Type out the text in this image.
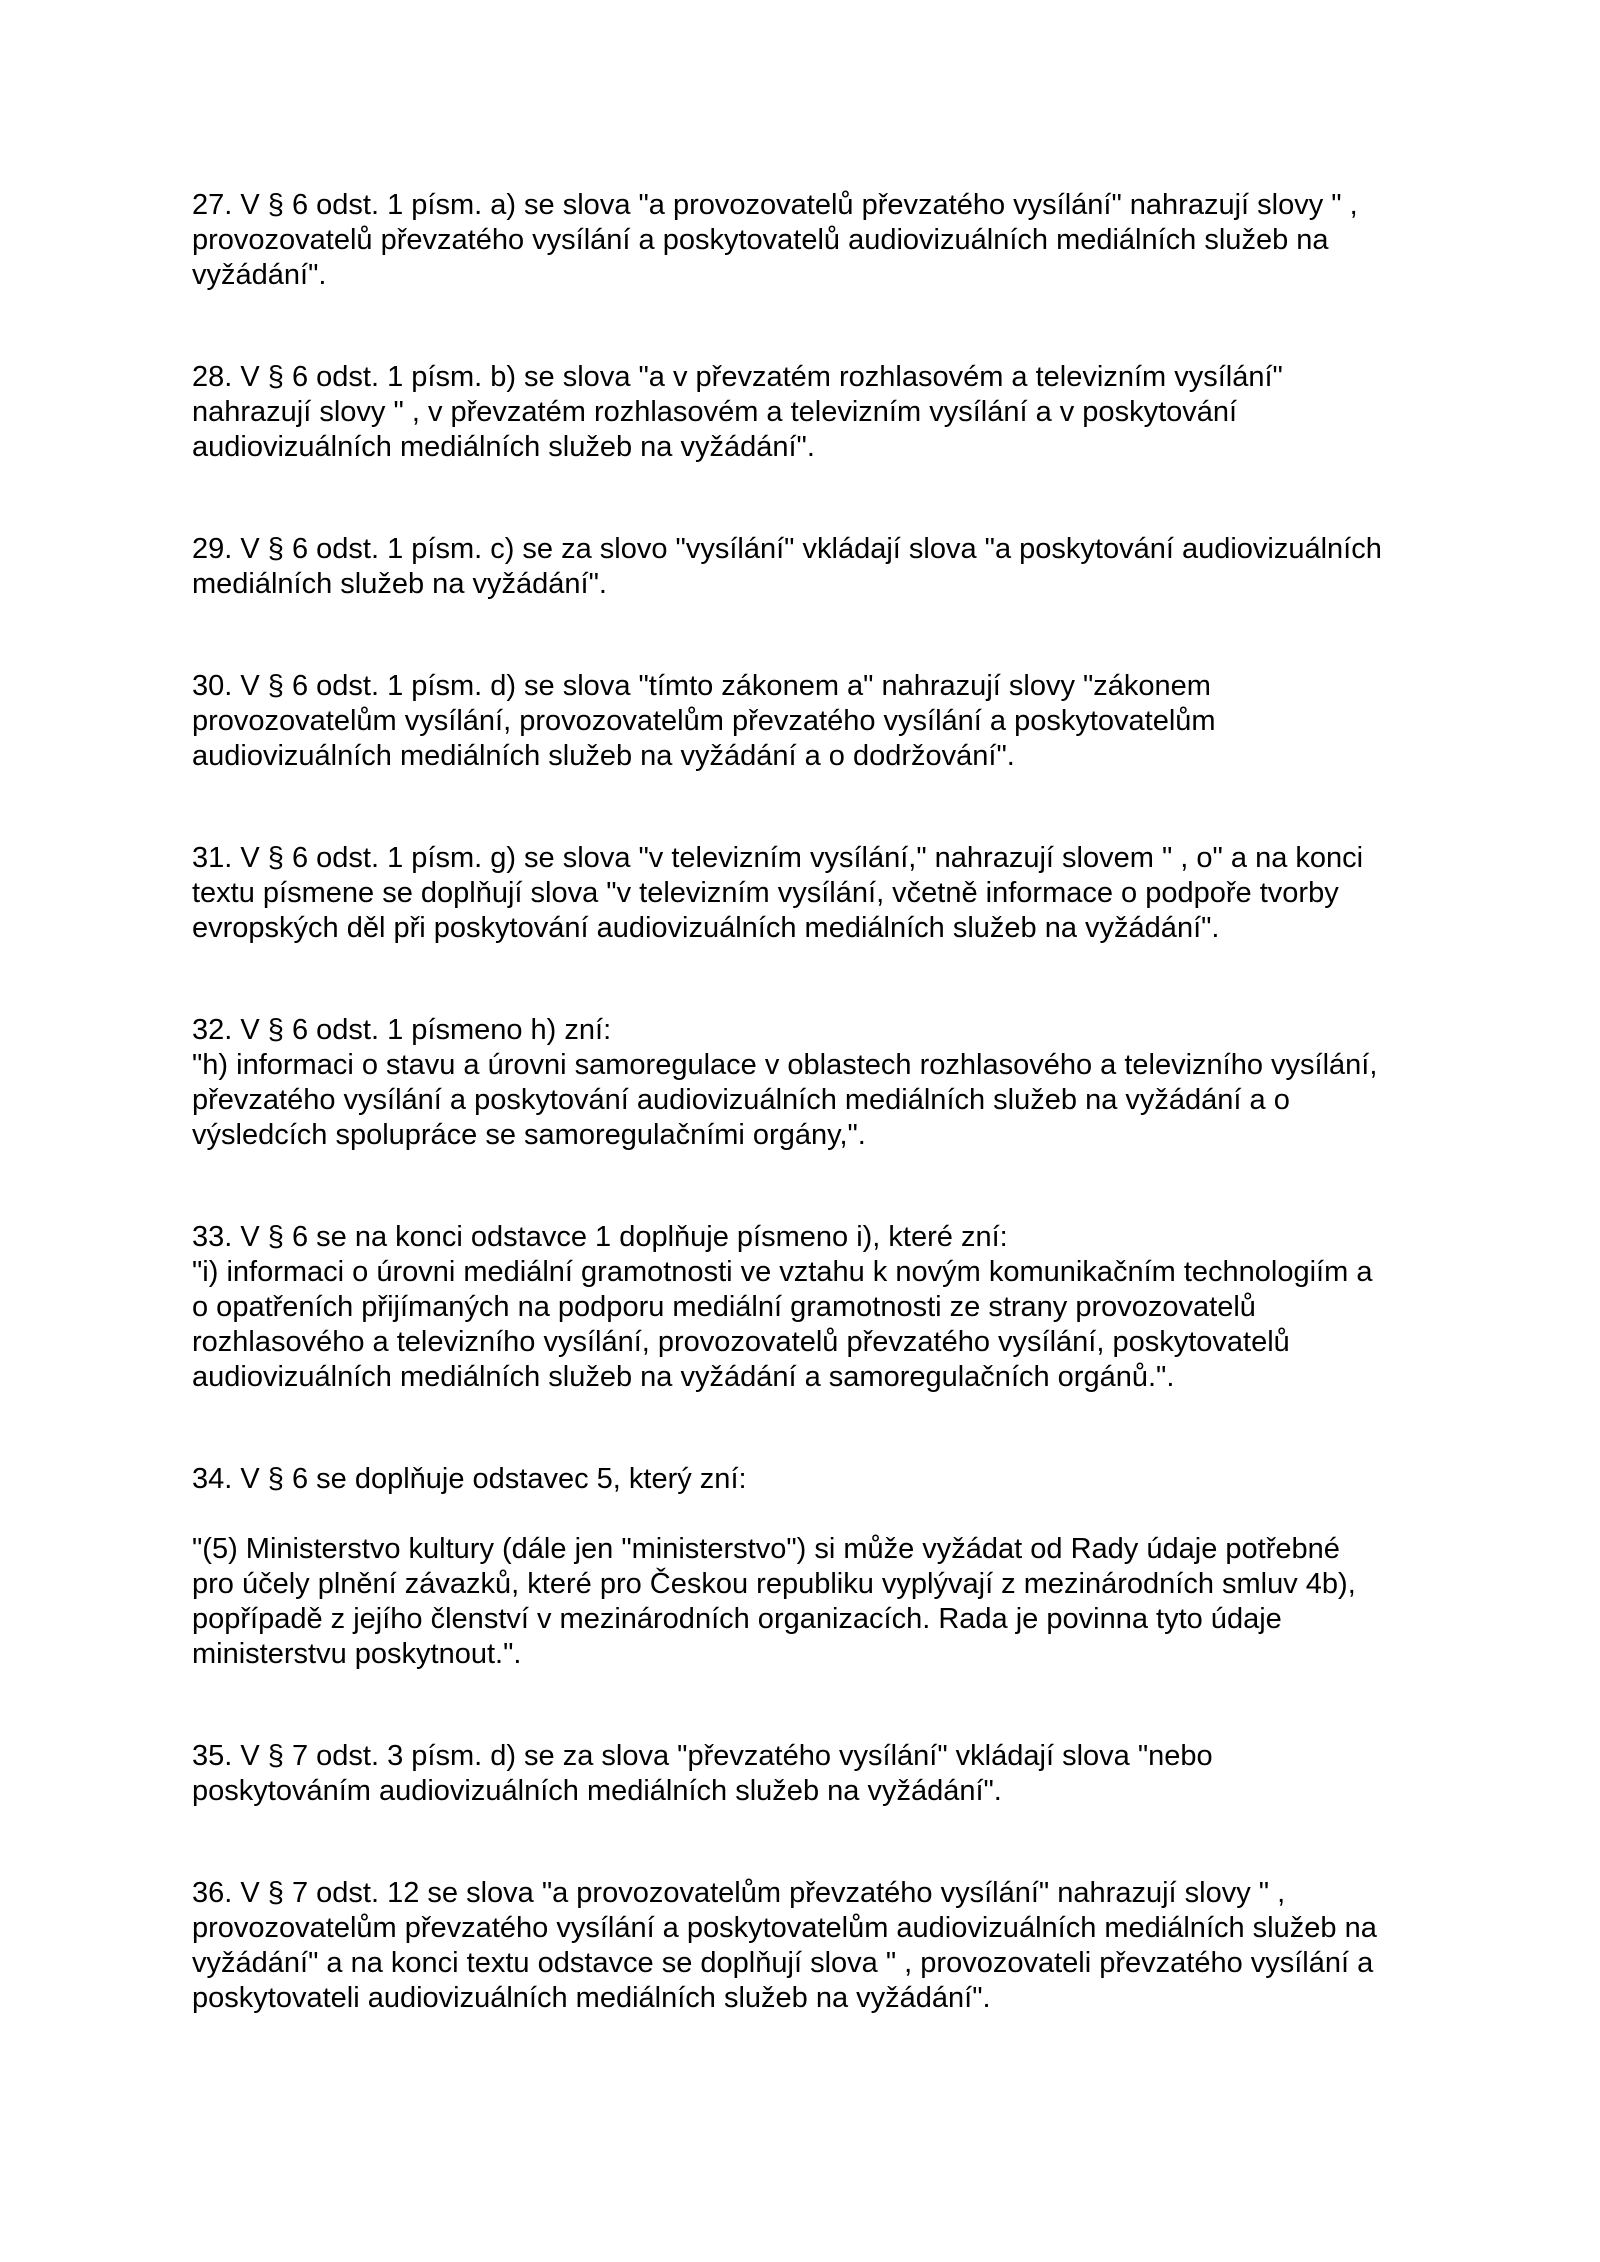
27. V § 6 odst. 1 písm. a) se slova "a provozovatelů převzatého vysílání" nahrazují slovy " ,
provozovatelů převzatého vysílání a poskytovatelů audiovizuálních mediálních služeb na
vyžádání".
28. V § 6 odst. 1 písm. b) se slova "a v převzatém rozhlasovém a televizním vysílání"
nahrazují slovy " , v převzatém rozhlasovém a televizním vysílání a v poskytování
audiovizuálních mediálních služeb na vyžádání".
29. V § 6 odst. 1 písm. c) se za slovo "vysílání" vkládají slova "a poskytování audiovizuálních
mediálních služeb na vyžádání".
30. V § 6 odst. 1 písm. d) se slova "tímto zákonem a" nahrazují slovy "zákonem
provozovatelům vysílání, provozovatelům převzatého vysílání a poskytovatelům
audiovizuálních mediálních služeb na vyžádání a o dodržování".
31. V § 6 odst. 1 písm. g) se slova "v televizním vysílání," nahrazují slovem " , o" a na konci
textu písmene se doplňují slova "v televizním vysílání, včetně informace o podpoře tvorby
evropských děl při poskytování audiovizuálních mediálních služeb na vyžádání".
32. V § 6 odst. 1 písmeno h) zní:
"h) informaci o stavu a úrovni samoregulace v oblastech rozhlasového a televizního vysílání,
převzatého vysílání a poskytování audiovizuálních mediálních služeb na vyžádání a o
výsledcích spolupráce se samoregulačními orgány,".
33. V § 6 se na konci odstavce 1 doplňuje písmeno i), které zní:
"i) informaci o úrovni mediální gramotnosti ve vztahu k novým komunikačním technologiím a
o opatřeních přijímaných na podporu mediální gramotnosti ze strany provozovatelů
rozhlasového a televizního vysílání, provozovatelů převzatého vysílání, poskytovatelů
audiovizuálních mediálních služeb na vyžádání a samoregulačních orgánů.".
34. V § 6 se doplňuje odstavec 5, který zní:
"(5) Ministerstvo kultury (dále jen "ministerstvo") si může vyžádat od Rady údaje potřebné
pro účely plnění závazků, které pro Českou republiku vyplývají z mezinárodních smluv 4b),
popřípadě z jejího členství v mezinárodních organizacích. Rada je povinna tyto údaje
ministerstvu poskytnout.".
35. V § 7 odst. 3 písm. d) se za slova "převzatého vysílání" vkládají slova "nebo
poskytováním audiovizuálních mediálních služeb na vyžádání".
36. V § 7 odst. 12 se slova "a provozovatelům převzatého vysílání" nahrazují slovy " ,
provozovatelům převzatého vysílání a poskytovatelům audiovizuálních mediálních služeb na
vyžádání" a na konci textu odstavce se doplňují slova " , provozovateli převzatého vysílání a
poskytovateli audiovizuálních mediálních služeb na vyžádání".
